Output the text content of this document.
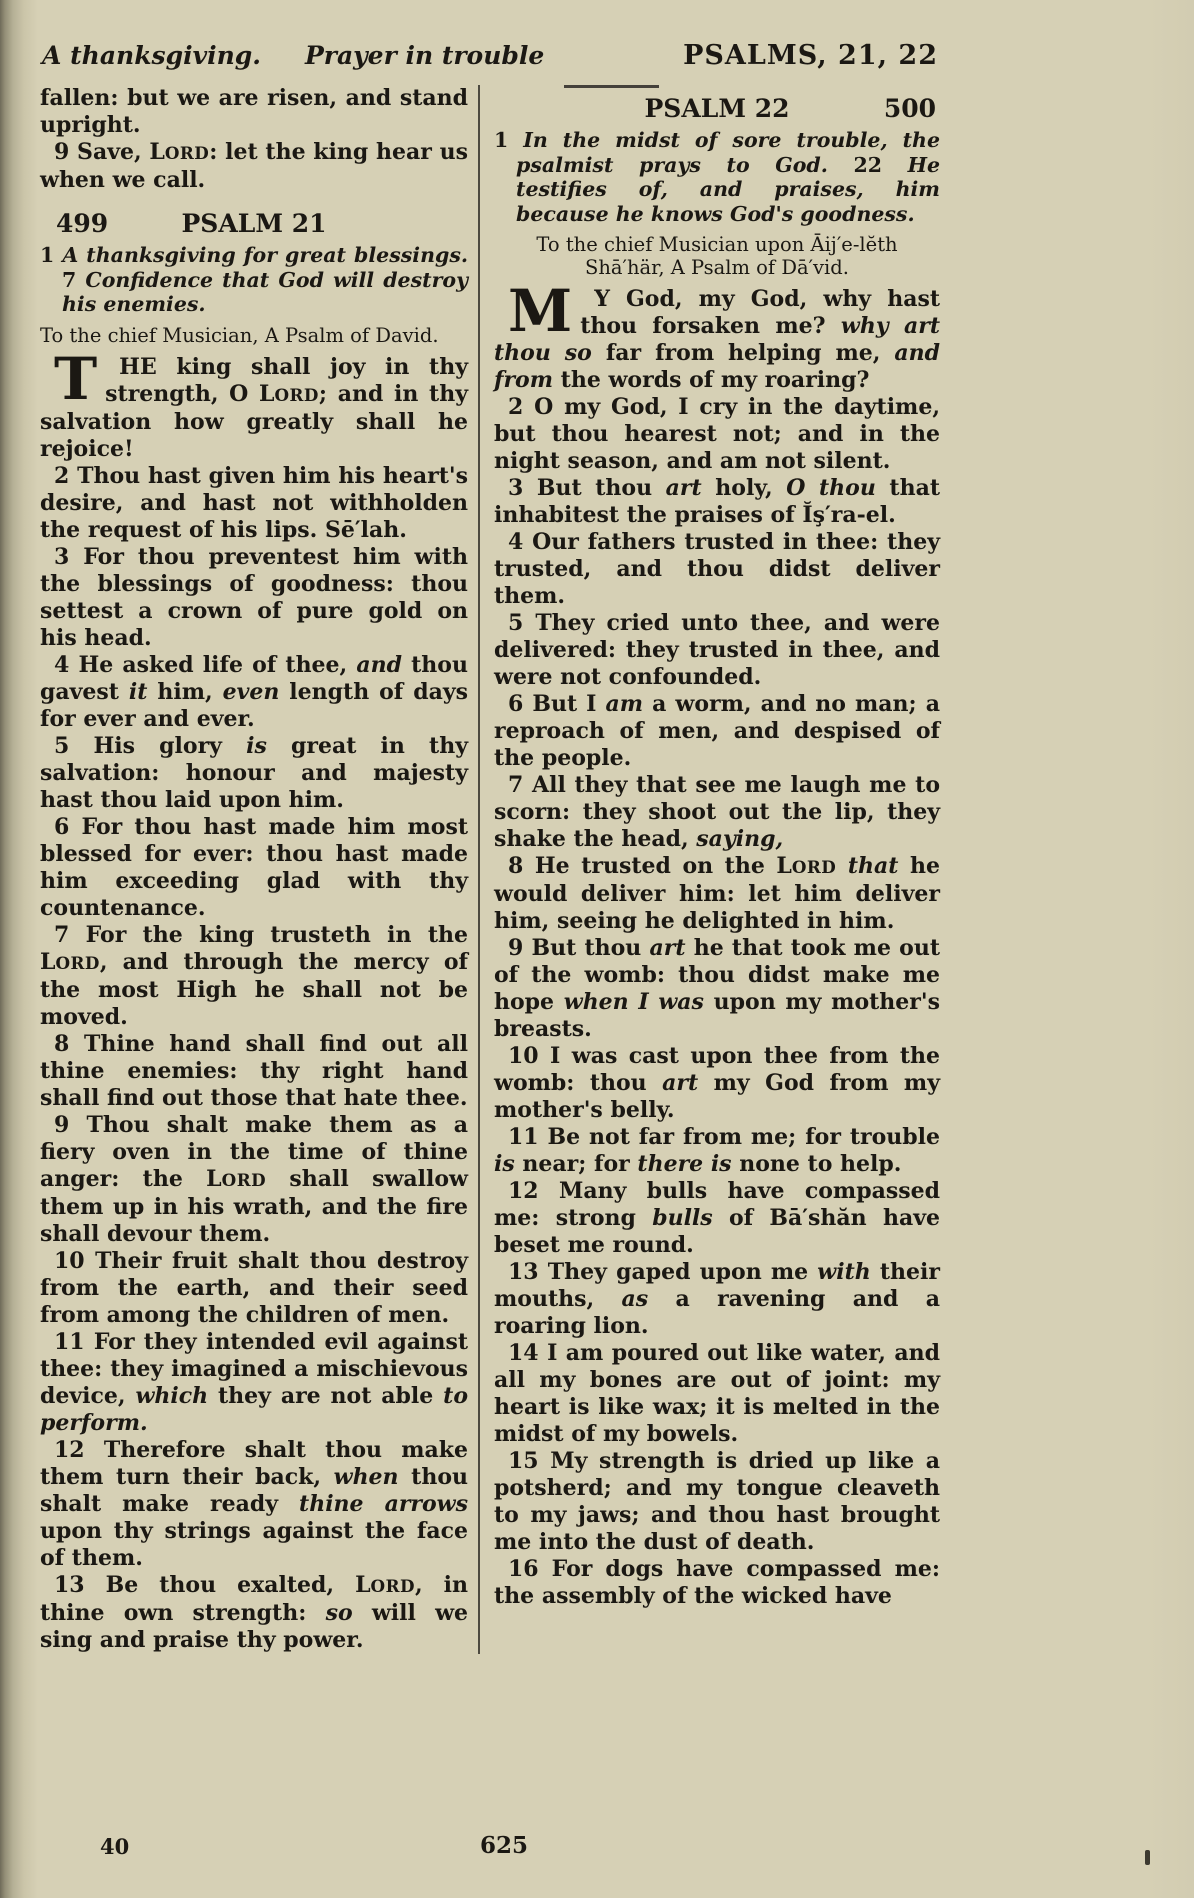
A thanksgiving. Prayer in trouble	PSALMS, 21, 22

fallen: but we are risen, and stand upright.

9 Save, LORD: let the king hear us when we call.

499	PSALM 21

1 A thanksgiving for great blessings. 7 Confidence that God will destroy his enemies.

To the chief Musician, A Psalm of David.

T	HE king shall joy in thy strength, O LORD; and in thy salvation how greatly shall he rejoice!

2 Thou hast given him his heart's desire, and hast not withholden the request of his lips. Sē′lah.

3 For thou preventest him with the blessings of goodness: thou settest a crown of pure gold on his head.

4 He asked life of thee, and thou gavest it him, even length of days for ever and ever.

5 His glory is great in thy salvation: honour and majesty hast thou laid upon him.

6 For thou hast made him most blessed for ever: thou hast made him exceeding glad with thy countenance.

7 For the king trusteth in the LORD, and through the mercy of the most High he shall not be moved.

8 Thine hand shall find out all thine enemies: thy right hand shall find out those that hate thee.

9 Thou shalt make them as a fiery oven in the time of thine anger: the LORD shall swallow them up in his wrath, and the fire shall devour them.

10 Their fruit shalt thou destroy from the earth, and their seed from among the children of men.

11 For they intended evil against thee: they imagined a mischievous device, which they are not able to perform.

12 Therefore shalt thou make them turn their back, when thou shalt make ready thine arrows upon thy strings against the face of them.

13 Be thou exalted, LORD, in thine own strength: so will we sing and praise thy power.

PSALM 22	500

1 In the midst of sore trouble, the psalmist prays to God. 22 He testifies of, and praises, him because he knows God's goodness.

To the chief Musician upon Āij′e-lĕth Shā′här, A Psalm of Dā′vid.

M	Y God, my God, why hast thou forsaken me? why art thou so far from helping me, and from the words of my roaring?

2 O my God, I cry in the daytime, but thou hearest not; and in the night season, and am not silent.

3 But thou art holy, O thou that inhabitest the praises of Ĭş′ra-el.

4 Our fathers trusted in thee: they trusted, and thou didst deliver them.

5 They cried unto thee, and were delivered: they trusted in thee, and were not confounded.

6 But I am a worm, and no man; a reproach of men, and despised of the people.

7 All they that see me laugh me to scorn: they shoot out the lip, they shake the head, saying,

8 He trusted on the LORD that he would deliver him: let him deliver him, seeing he delighted in him.

9 But thou art he that took me out of the womb: thou didst make me hope when I was upon my mother's breasts.

10 I was cast upon thee from the womb: thou art my God from my mother's belly.

11 Be not far from me; for trouble is near; for there is none to help.

12 Many bulls have compassed me: strong bulls of Bā′shăn have beset me round.

13 They gaped upon me with their mouths, as a ravening and a roaring lion.

14 I am poured out like water, and all my bones are out of joint: my heart is like wax; it is melted in the midst of my bowels.

15 My strength is dried up like a potsherd; and my tongue cleaveth to my jaws; and thou hast brought me into the dust of death.

16 For dogs have compassed me: the assembly of the wicked have

40	625
